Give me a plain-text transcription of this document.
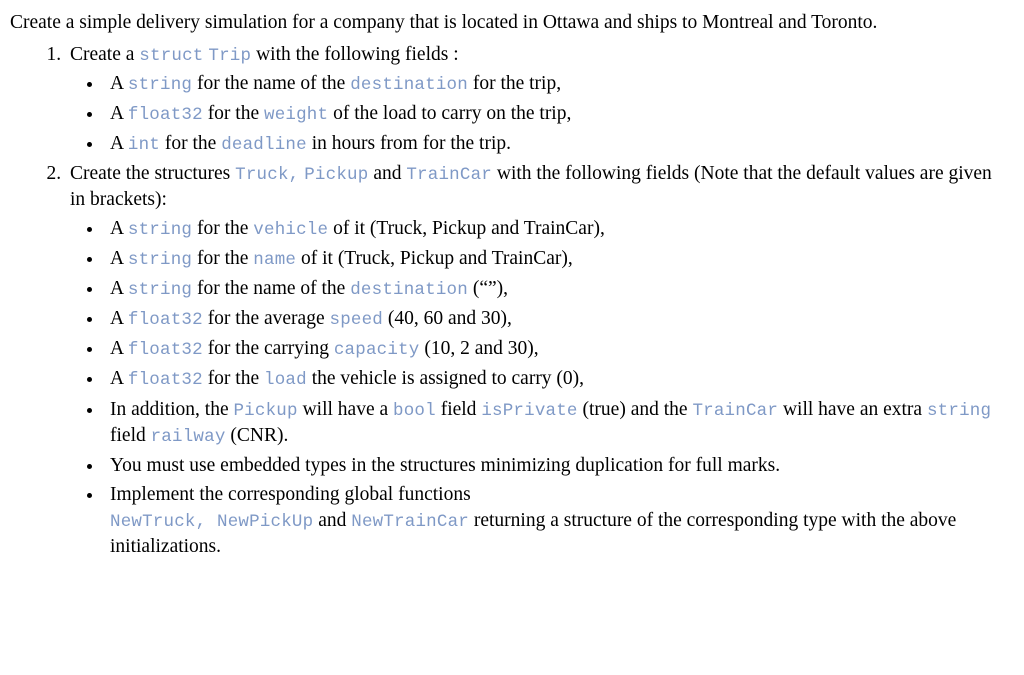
Create a simple delivery simulation for a company that is located in Ottawa and ships to Montreal and Toronto.

1. Create a struct Trip with the following fields :
• A string for the name of the destination for the trip,
• A float32 for the weight of the load to carry on the trip,
• A int for the deadline in hours from for the trip.
2. Create the structures Truck, Pickup and TrainCar with the following fields (Note that the default values are given in brackets):
• A string for the vehicle of it (Truck, Pickup and TrainCar),
• A string for the name of it (Truck, Pickup and TrainCar),
• A string for the name of the destination (“”),
• A float32 for the average speed (40, 60 and 30),
• A float32 for the carrying capacity (10, 2 and 30),
• A float32 for the load the vehicle is assigned to carry (0),
• In addition, the Pickup will have a bool field isPrivate (true) and the TrainCar will have an extra string field railway (CNR).
• You must use embedded types in the structures minimizing duplication for full marks.
• Implement the corresponding global functions
NewTruck, NewPickUp and NewTrainCar returning a structure of the corresponding type with the above initializations.
